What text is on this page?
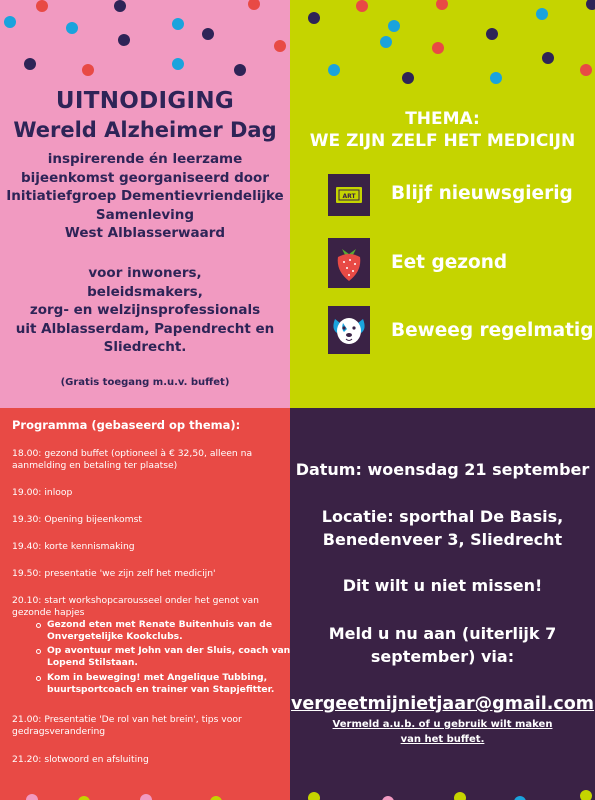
UITNODIGING
Wereld Alzheimer Dag
inspirerende én leerzame
bijeenkomst georganiseerd door
Initiatiefgroep Dementievriendelijke
Samenleving
West Alblasserwaard
voor inwoners,
beleidsmakers,
zorg- en welzijnsprofessionals
uit Alblasserdam, Papendrecht en
Sliedrecht.
(Gratis toegang m.u.v. buffet)
THEMA:
WE ZIJN ZELF HET MEDICIJN
ART Blijf nieuwsgierig
Eet gezond
Beweeg regelmatig
Programma (gebaseerd op thema):
18.00: gezond buffet (optioneel à € 32,50, alleen na
aanmelding en betaling ter plaatse)
19.00: inloop
19.30: Opening bijeenkomst
19.40: korte kennismaking
19.50: presentatie 'we zijn zelf het medicijn'
20.10: start workshopcarousseel onder het genot van
gezonde hapjes
Gezond eten met Renate Buitenhuis van de
Onvergetelijke Kookclubs.
Op avontuur met John van der Sluis, coach van
Lopend Stilstaan.
Kom in beweging! met Angelique Tubbing,
buurtsportcoach en trainer van Stapjefitter.
21.00: Presentatie 'De rol van het brein', tips voor
gedragsverandering
21.20: slotwoord en afsluiting
Datum: woensdag 21 september
Locatie: sporthal De Basis,
Benedenveer 3, Sliedrecht
Dit wilt u niet missen!
Meld u nu aan (uiterlijk 7
september) via:
vergeetmijnietjaar@gmail.com
Vermeld a.u.b. of u gebruik wilt maken
van het buffet.
